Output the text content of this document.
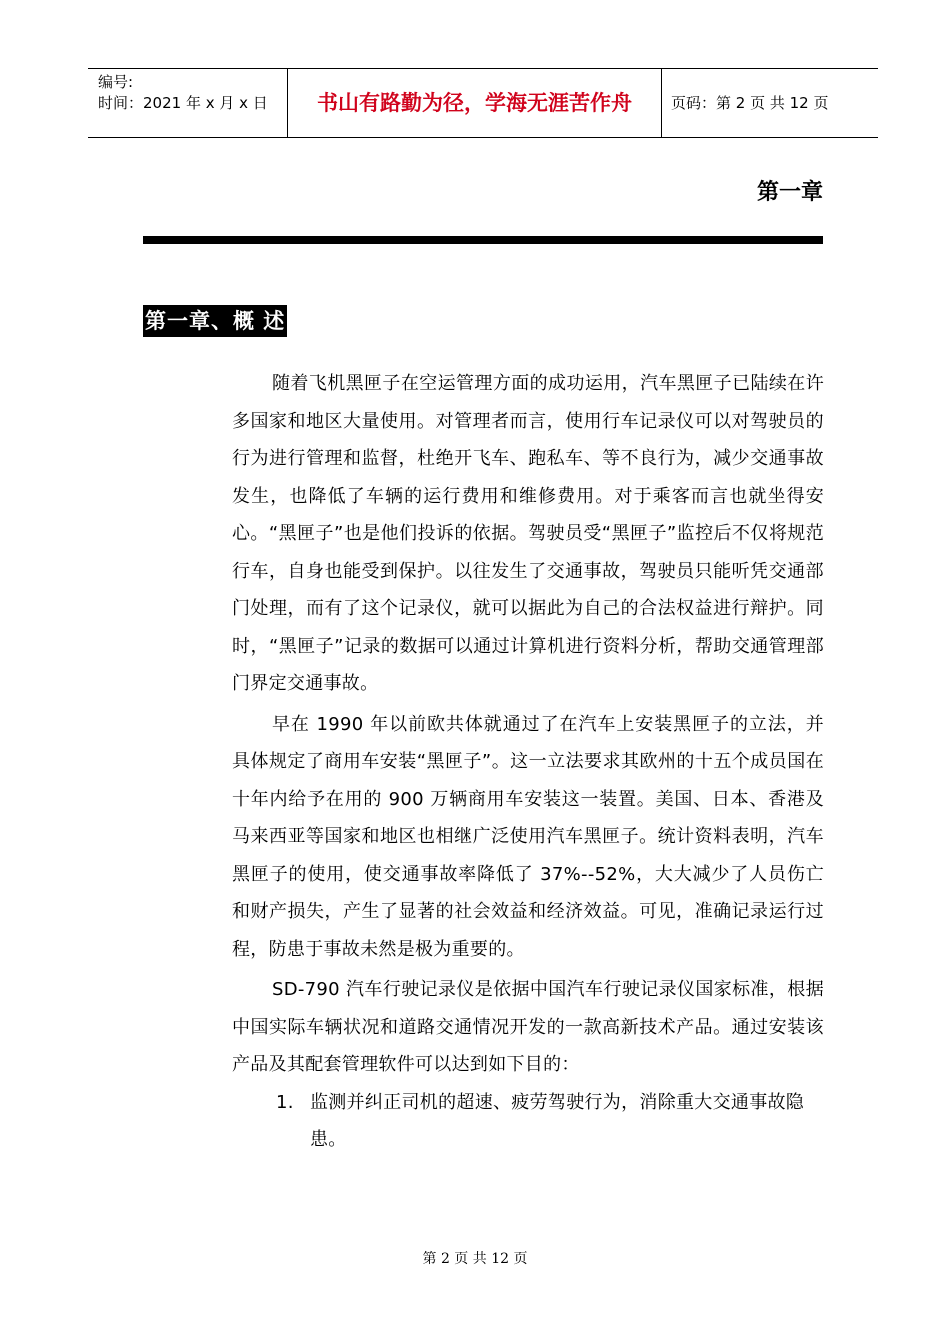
编号:
时间：2021 年 x 月 x 日	书山有路勤为径，学海无涯苦作舟	页码：第 2 页 共 12 页
第一章
第一章、概 述

随着飞机黑匣子在空运管理方面的成功运用，汽车黑匣子已陆续在许多国家和地区大量使用。对管理者而言，使用行车记录仪可以对驾驶员的行为进行管理和监督，杜绝开飞车、跑私车、等不良行为，减少交通事故发生，也降低了车辆的运行费用和维修费用。对于乘客而言也就坐得安心。“黑匣子”也是他们投诉的依据。驾驶员受“黑匣子”监控后不仅将规范行车，自身也能受到保护。以往发生了交通事故，驾驶员只能听凭交通部门处理，而有了这个记录仪，就可以据此为自己的合法权益进行辩护。同时，“黑匣子”记录的数据可以通过计算机进行资料分析，帮助交通管理部门界定交通事故。

早在 1990 年以前欧共体就通过了在汽车上安装黑匣子的立法，并具体规定了商用车安装“黑匣子”。这一立法要求其欧州的十五个成员国在十年内给予在用的 900 万辆商用车安装这一装置。美国、日本、香港及马来西亚等国家和地区也相继广泛使用汽车黑匣子。统计资料表明，汽车黑匣子的使用，使交通事故率降低了 37%--52%，大大减少了人员伤亡和财产损失，产生了显著的社会效益和经济效益。可见，准确记录运行过程，防患于事故未然是极为重要的。

SD-790 汽车行驶记录仪是依据中国汽车行驶记录仪国家标准，根据中国实际车辆状况和道路交通情况开发的一款高新技术产品。通过安装该产品及其配套管理软件可以达到如下目的：

1. 监测并纠正司机的超速、疲劳驾驶行为，消除重大交通事故隐患。
第 2 页 共 12 页
